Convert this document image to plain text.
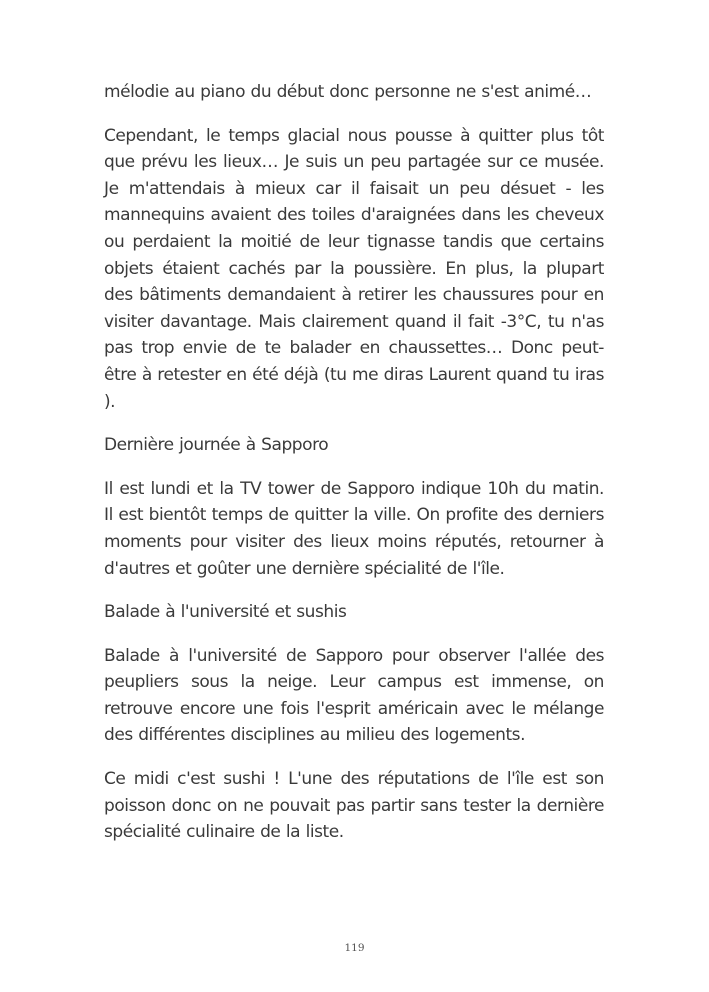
mélodie au piano du début donc personne ne s'est animé…

Cependant, le temps glacial nous pousse à quitter plus tôt que prévu les lieux… Je suis un peu partagée sur ce musée. Je m'attendais à mieux car il faisait un peu désuet - les mannequins avaient des toiles d'araignées dans les cheveux ou perdaient la moitié de leur tignasse tandis que certains objets étaient cachés par la poussière. En plus, la plupart des bâtiments demandaient à retirer les chaussures pour en visiter davantage. Mais clairement quand il fait -3°C, tu n'as pas trop envie de te balader en chaussettes… Donc peut-être à retester en été déjà (tu me diras Laurent quand tu iras ).

Dernière journée à Sapporo

Il est lundi et la TV tower de Sapporo indique 10h du matin. Il est bientôt temps de quitter la ville. On profite des derniers moments pour visiter des lieux moins réputés, retourner à d'autres et goûter une dernière spécialité de l'île.

Balade à l'université et sushis

Balade à l'université de Sapporo pour observer l'allée des peupliers sous la neige. Leur campus est immense, on retrouve encore une fois l'esprit américain avec le mélange des différentes disciplines au milieu des logements.

Ce midi c'est sushi ! L'une des réputations de l'île est son poisson donc on ne pouvait pas partir sans tester la dernière spécialité culinaire de la liste.

119
